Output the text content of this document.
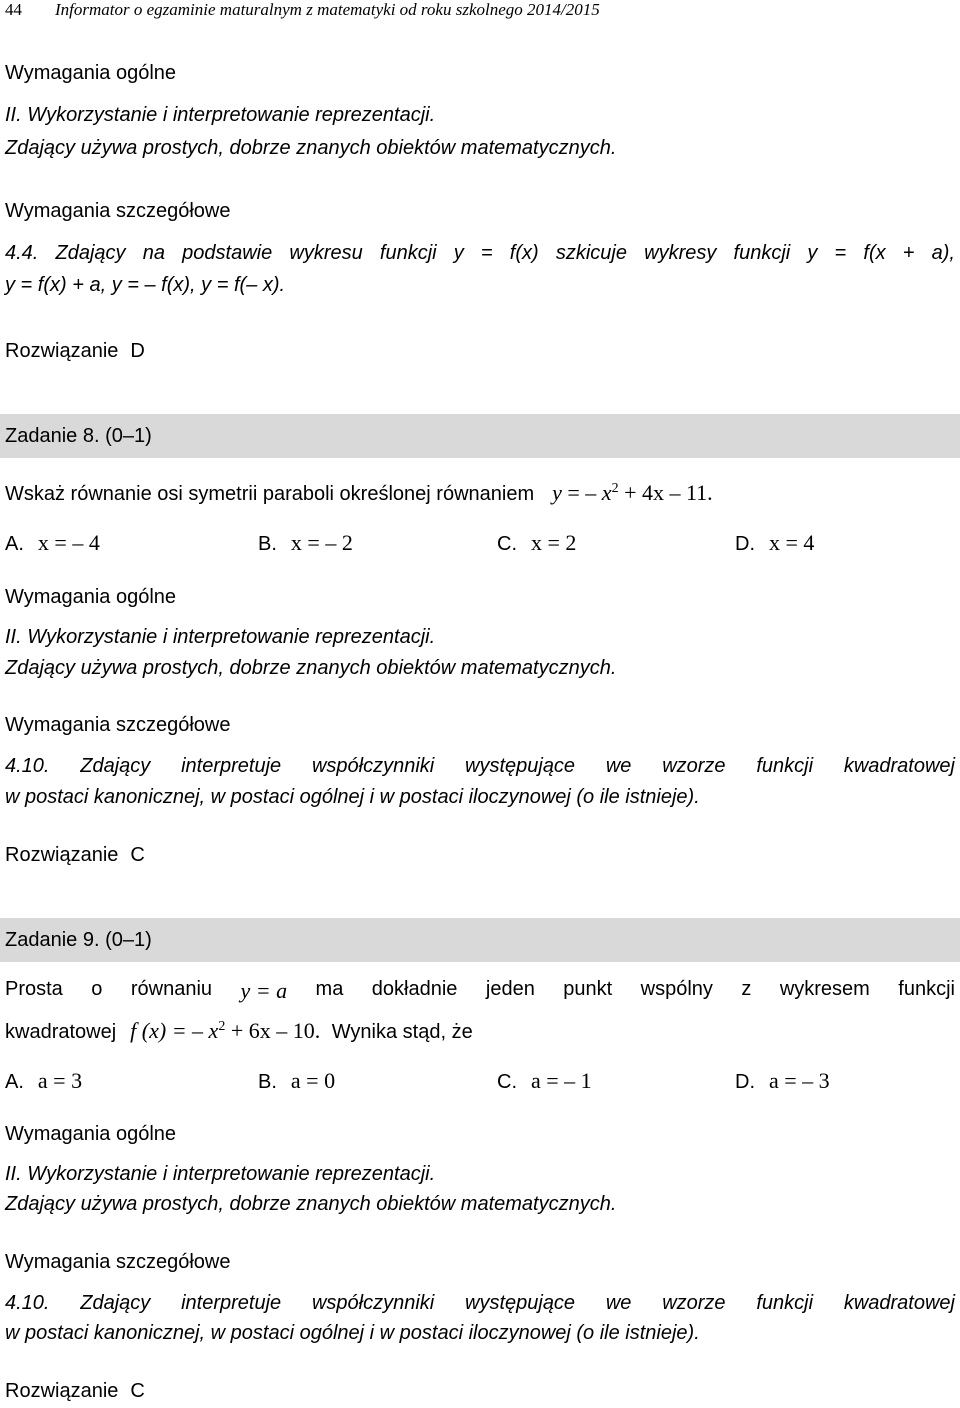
44	Informator o egzaminie maturalnym z matematyki od roku szkolnego 2014/2015
Wymagania ogólne
II. Wykorzystanie i interpretowanie reprezentacji.
Zdający używa prostych, dobrze znanych obiektów matematycznych.
Wymagania szczegółowe
4.4. Zdający na podstawie wykresu funkcji y = f(x) szkicuje wykresy funkcji y = f(x + a),
y = f(x) + a, y = – f(x), y = f(– x).
Rozwiązanie D
Zadanie 8. (0–1)
Wskaż równanie osi symetrii paraboli określonej równaniem y = – $x^2 + 4x - 11$.
A. x = – 4	B. x = – 2	C. x = 2	D. x = 4
Wymagania ogólne
II. Wykorzystanie i interpretowanie reprezentacji.
Zdający używa prostych, dobrze znanych obiektów matematycznych.
Wymagania szczegółowe
4.10. Zdający interpretuje współczynniki występujące we wzorze funkcji kwadratowej
w postaci kanonicznej, w postaci ogólnej i w postaci iloczynowej (o ile istnieje).
Rozwiązanie C
Zadanie 9. (0–1)
Prosta o równaniu y = a ma dokładnie jeden punkt wspólny z wykresem funkcji
kwadratowej f (x) = – $x^2 + 6x - 10$. Wynika stąd, że
A. a = 3	B. a = 0	C. a = – 1	D. a = – 3
Wymagania ogólne
II. Wykorzystanie i interpretowanie reprezentacji.
Zdający używa prostych, dobrze znanych obiektów matematycznych.
Wymagania szczegółowe
4.10. Zdający interpretuje współczynniki występujące we wzorze funkcji kwadratowej
w postaci kanonicznej, w postaci ogólnej i w postaci iloczynowej (o ile istnieje).
Rozwiązanie C
